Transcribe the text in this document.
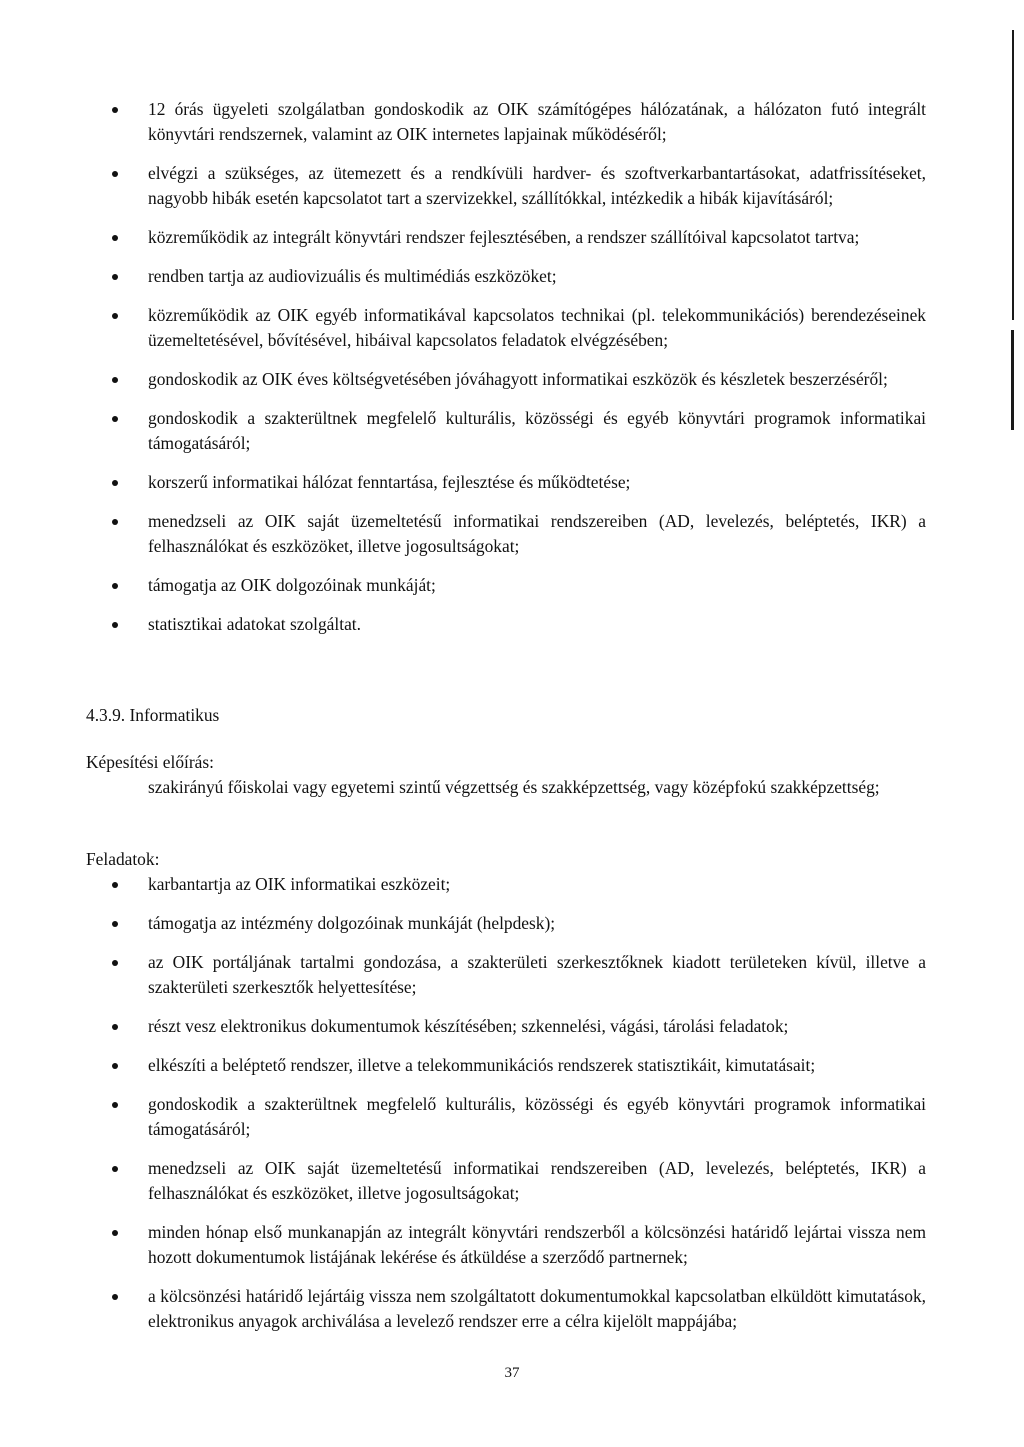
12 órás ügyeleti szolgálatban gondoskodik az OIK számítógépes hálózatának, a hálózaton futó integrált könyvtári rendszernek, valamint az OIK internetes lapjainak működéséről;
elvégzi a szükséges, az ütemezett és a rendkívüli hardver- és szoftverkarbantartásokat, adatfrissítéseket, nagyobb hibák esetén kapcsolatot tart a szervizekkel, szállítókkal, intézkedik a hibák kijavításáról;
közreműködik az integrált könyvtári rendszer fejlesztésében, a rendszer szállítóival kapcsolatot tartva;
rendben tartja az audiovizuális és multimédiás eszközöket;
közreműködik az OIK egyéb informatikával kapcsolatos technikai (pl. telekommunikációs) berendezéseinek üzemeltetésével, bővítésével, hibáival kapcsolatos feladatok elvégzésében;
gondoskodik az OIK éves költségvetésében jóváhagyott informatikai eszközök és készletek beszerzéséről;
gondoskodik a szakterültnek megfelelő kulturális, közösségi és egyéb könyvtári programok informatikai támogatásáról;
korszerű informatikai hálózat fenntartása, fejlesztése és működtetése;
menedzseli az OIK saját üzemeltetésű informatikai rendszereiben (AD, levelezés, beléptetés, IKR) a felhasználókat és eszközöket, illetve jogosultságokat;
támogatja az OIK dolgozóinak munkáját;
statisztikai adatokat szolgáltat.
4.3.9. Informatikus
Képesítési előírás:
szakirányú főiskolai vagy egyetemi szintű végzettség és szakképzettség, vagy középfokú szakképzettség;
Feladatok:
karbantartja az OIK informatikai eszközeit;
támogatja az intézmény dolgozóinak munkáját (helpdesk);
az OIK portáljának tartalmi gondozása, a szakterületi szerkesztőknek kiadott területeken kívül, illetve a szakterületi szerkesztők helyettesítése;
részt vesz elektronikus dokumentumok készítésében; szkennelési, vágási, tárolási feladatok;
elkészíti a beléptető rendszer, illetve a telekommunikációs rendszerek statisztikáit, kimutatásait;
gondoskodik a szakterültnek megfelelő kulturális, közösségi és egyéb könyvtári programok informatikai támogatásáról;
menedzseli az OIK saját üzemeltetésű informatikai rendszereiben (AD, levelezés, beléptetés, IKR) a felhasználókat és eszközöket, illetve jogosultságokat;
minden hónap első munkanapján az integrált könyvtári rendszerből a kölcsönzési határidő lejártai vissza nem hozott dokumentumok listájának lekérése és átküldése a szerződő partnernek;
a kölcsönzési határidő lejártáig vissza nem szolgáltatott dokumentumokkal kapcsolatban elküldött kimutatások, elektronikus anyagok archiválása a levelező rendszer erre a célra kijelölt mappájába;
37
